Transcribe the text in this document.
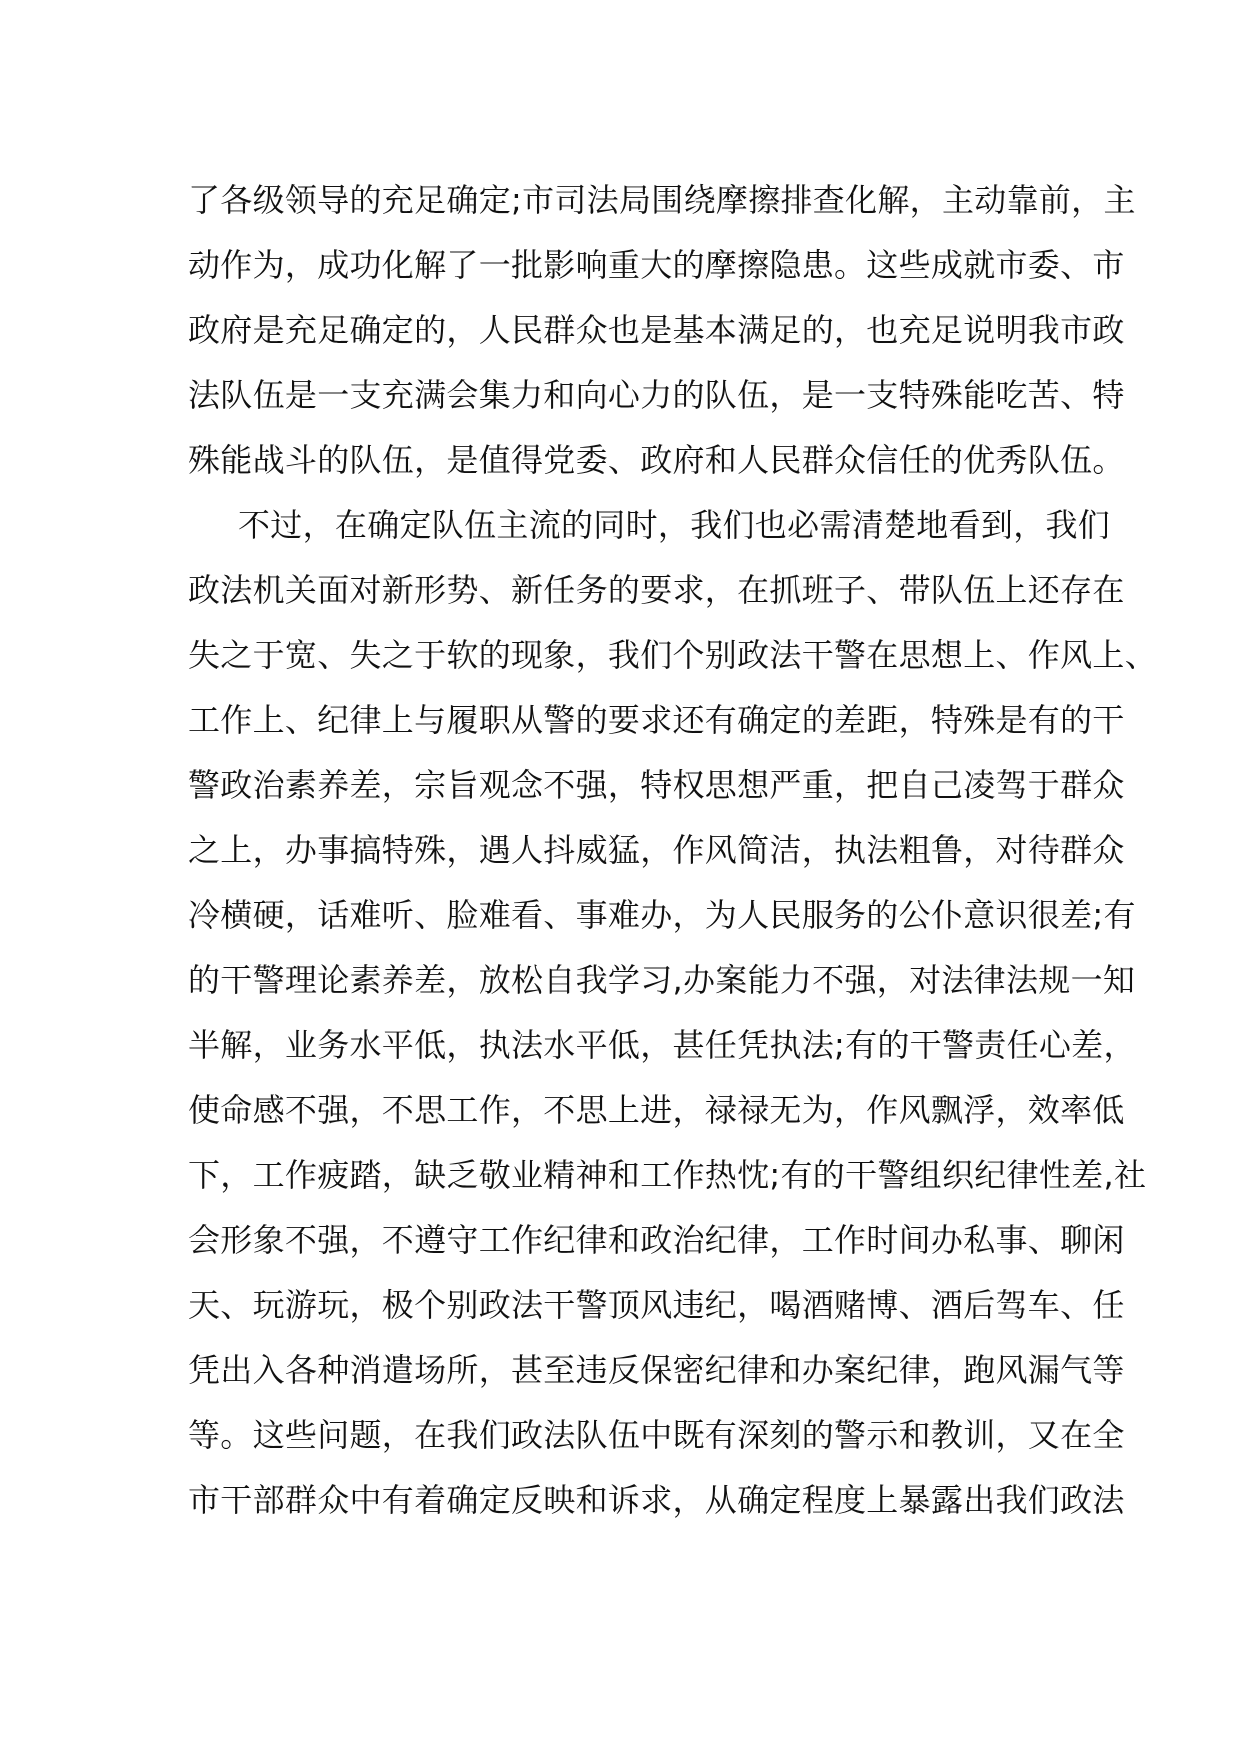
了各级领导的充足确定;市司法局围绕摩擦排查化解，主动靠前，主
动作为，成功化解了一批影响重大的摩擦隐患。这些成就市委、市
政府是充足确定的，人民群众也是基本满足的，也充足说明我市政
法队伍是一支充满会集力和向心力的队伍，是一支特殊能吃苦、特
殊能战斗的队伍，是值得党委、政府和人民群众信任的优秀队伍。
不过，在确定队伍主流的同时，我们也必需清楚地看到，我们
政法机关面对新形势、新任务的要求，在抓班子、带队伍上还存在
失之于宽、失之于软的现象，我们个别政法干警在思想上、作风上、
工作上、纪律上与履职从警的要求还有确定的差距，特殊是有的干
警政治素养差，宗旨观念不强，特权思想严重，把自己凌驾于群众
之上，办事搞特殊，遇人抖威猛，作风简洁，执法粗鲁，对待群众
冷横硬，话难听、脸难看、事难办，为人民服务的公仆意识很差;有
的干警理论素养差，放松自我学习,办案能力不强，对法律法规一知
半解，业务水平低，执法水平低，甚任凭执法;有的干警责任心差，
使命感不强，不思工作，不思上进，禄禄无为，作风飘浮，效率低
下，工作疲踏，缺乏敬业精神和工作热忱;有的干警组织纪律性差,社
会形象不强，不遵守工作纪律和政治纪律，工作时间办私事、聊闲
天、玩游玩，极个别政法干警顶风违纪，喝酒赌博、酒后驾车、任
凭出入各种消遣场所，甚至违反保密纪律和办案纪律，跑风漏气等
等。这些问题，在我们政法队伍中既有深刻的警示和教训，又在全
市干部群众中有着确定反映和诉求，从确定程度上暴露出我们政法
